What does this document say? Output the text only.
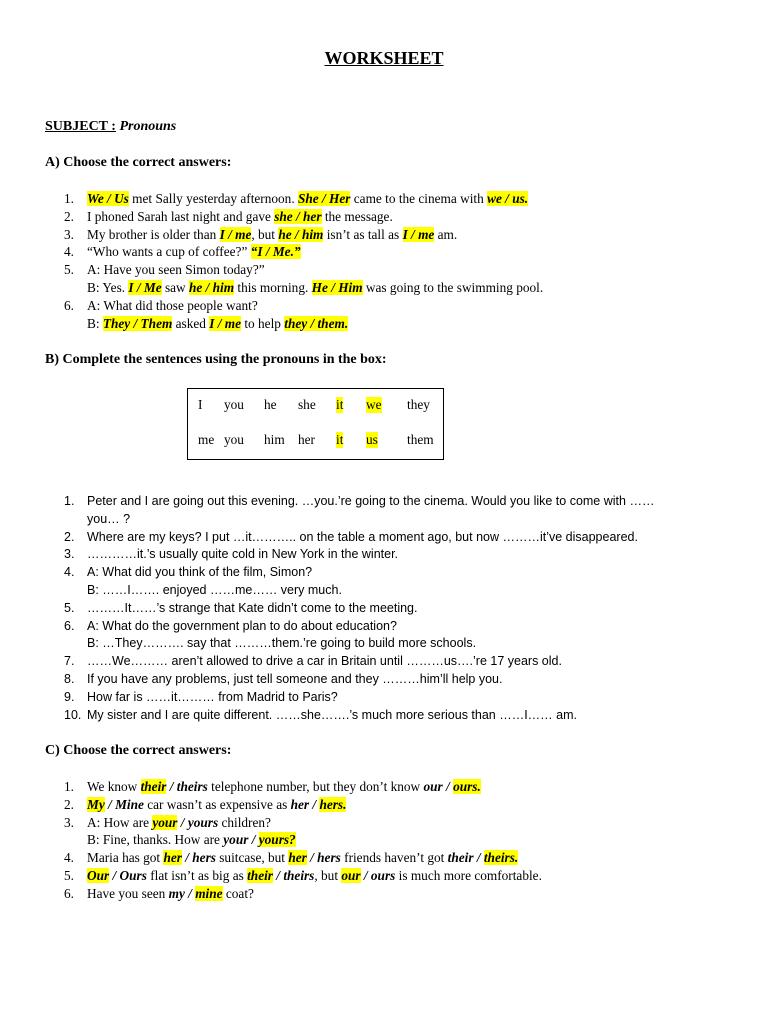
WORKSHEET
SUBJECT : Pronouns
A) Choose the correct answers:
1. We / Us met Sally yesterday afternoon. She / Her came to the cinema with we / us.
2. I phoned Sarah last night and gave she / her the message.
3. My brother is older than I / me, but he / him isn’t as tall as I / me am.
4. “Who wants a cup of coffee?” “I / Me.”
5. A: Have you seen Simon today?”
B: Yes. I / Me saw he / him this morning. He / Him was going to the swimming pool.
6. A: What did those people want?
B: They / Them asked I / me to help they / them.
B) Complete the sentences using the pronouns in the box:
I you he she it we they
me you him her it us them
1.	Peter and I are going out this evening. …you.’re going to the cinema. Would you like to come with ……
you… ?
2.	Where are my keys? I put …it……….. on the table a moment ago, but now ………it’ve disappeared.
3.	…………it.’s usually quite cold in New York in the winter.
4.	A: What did you think of the film, Simon?
B: ……I……. enjoyed ……me…… very much.
5.	………It……’s strange that Kate didn’t come to the meeting.
6.	A: What do the government plan to do about education?
B: …They………. say that ………them.’re going to build more schools.
7.	……We……… aren’t allowed to drive a car in Britain until ………us….’re 17 years old.
8.	If you have any problems, just tell someone and they ………him’ll help you.
9.	How far is ……it……… from Madrid to Paris?
10. My sister and I are quite different. ……she…….’s much more serious than ……I…… am.
C) Choose the correct answers:
1. We know their / theirs telephone number, but they don’t know our / ours.
2. My / Mine car wasn’t as expensive as her / hers.
3. A: How are your / yours children?
B: Fine, thanks. How are your / yours?
4. Maria has got her / hers suitcase, but her / hers friends haven’t got their / theirs.
5. Our / Ours flat isn’t as big as their / theirs, but our / ours is much more comfortable.
6. Have you seen my / mine coat?
